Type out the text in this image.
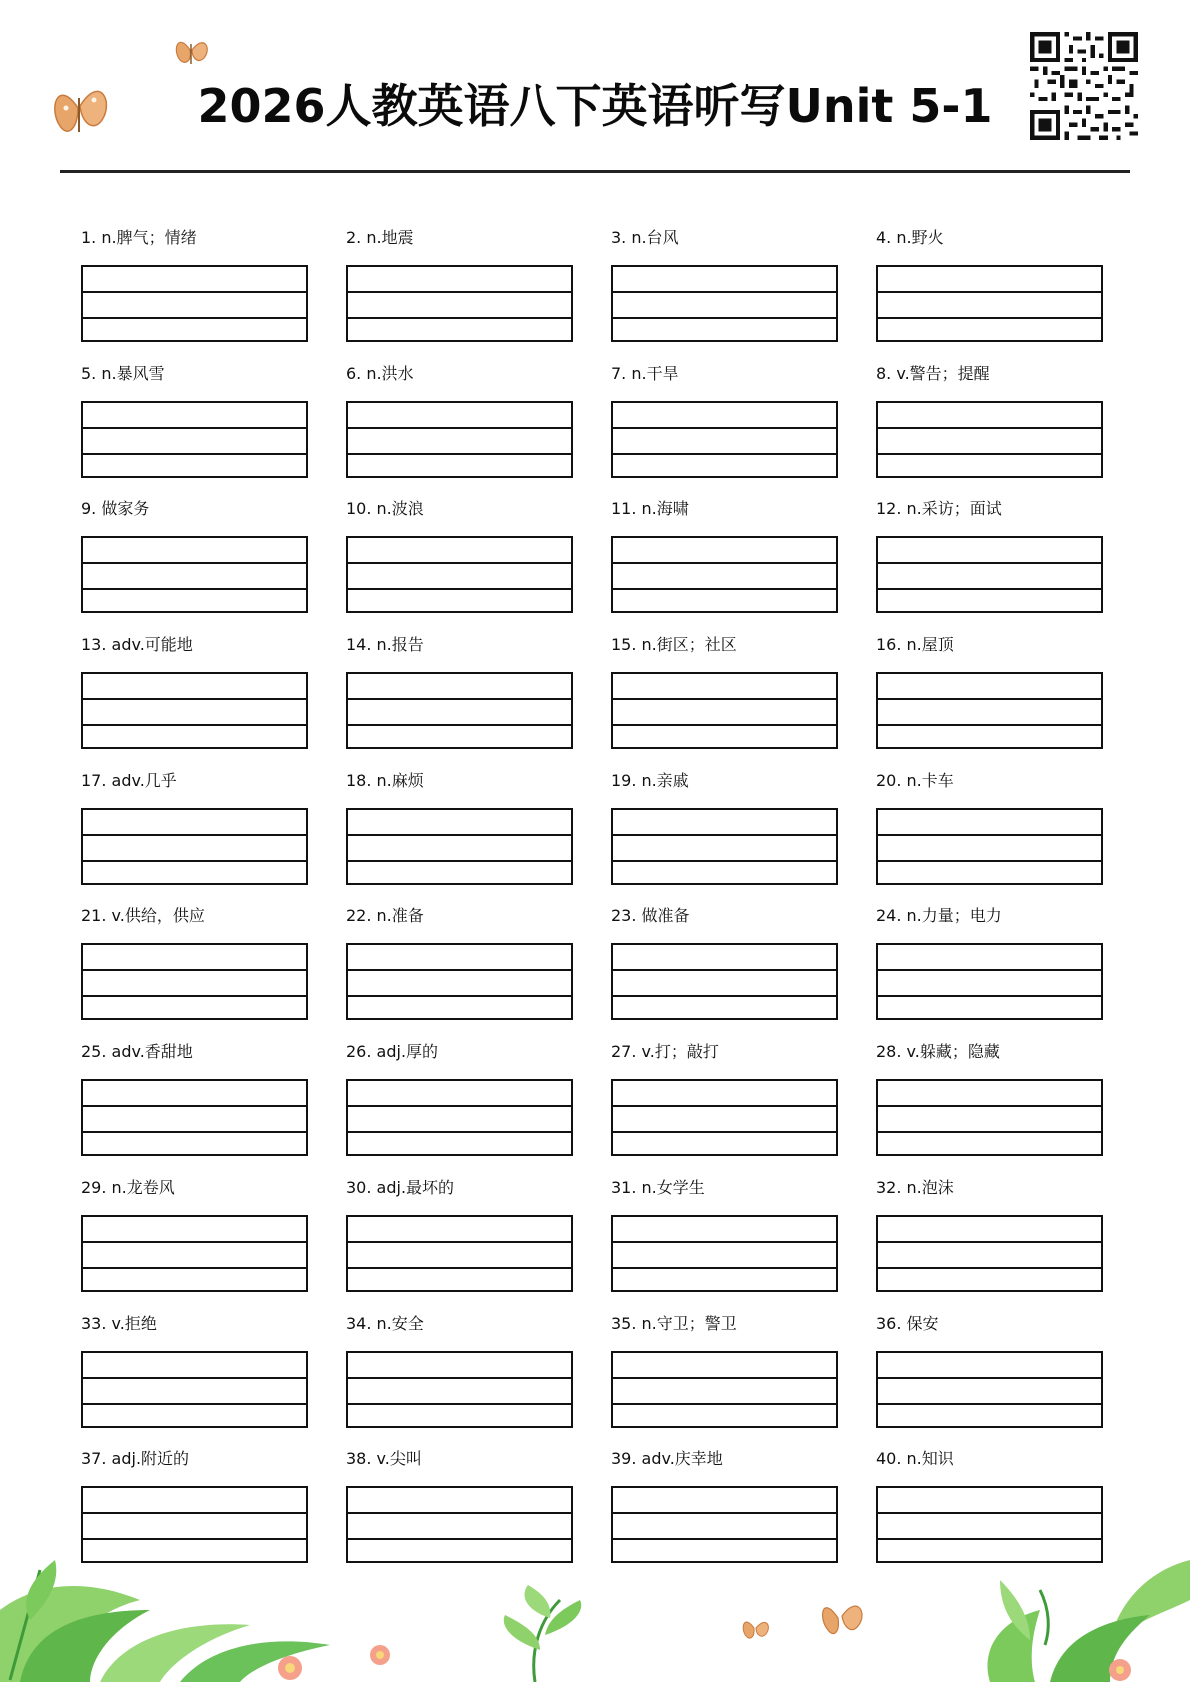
2026人教英语八下英语听写Unit 5-1
1. n.脾气；情绪	2. n.地震	3. n.台风	4. n.野火
5. n.暴风雪	6. n.洪水	7. n.干旱	8. v.警告；提醒
9. 做家务	10. n.波浪	11. n.海啸	12. n.采访；面试
13. adv.可能地	14. n.报告	15. n.街区；社区	16. n.屋顶
17. adv.几乎	18. n.麻烦	19. n.亲戚	20. n.卡车
21. v.供给，供应	22. n.准备	23. 做准备	24. n.力量；电力
25. adv.香甜地	26. adj.厚的	27. v.打；敲打	28. v.躲藏；隐藏
29. n.龙卷风	30. adj.最坏的	31. n.女学生	32. n.泡沫
33. v.拒绝	34. n.安全	35. n.守卫；警卫	36. 保安
37. adj.附近的	38. v.尖叫	39. adv.庆幸地	40. n.知识
